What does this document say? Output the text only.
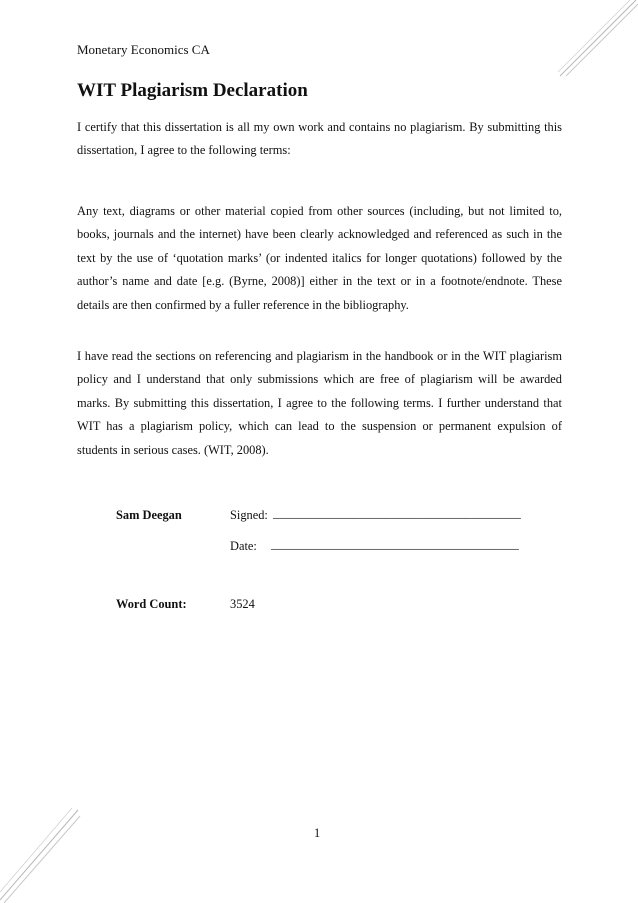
Monetary Economics CA
WIT Plagiarism Declaration

I certify that this dissertation is all my own work and contains no plagiarism. By submitting this dissertation, I agree to the following terms:

Any text, diagrams or other material copied from other sources (including, but not limited to, books, journals and the internet) have been clearly acknowledged and referenced as such in the text by the use of ‘quotation marks’ (or indented italics for longer quotations) followed by the author’s name and date [e.g. (Byrne, 2008)] either in the text or in a footnote/endnote. These details are then confirmed by a fuller reference in the bibliography.

I have read the sections on referencing and plagiarism in the handbook or in the WIT plagiarism policy and I understand that only submissions which are free of plagiarism will be awarded marks. By submitting this dissertation, I agree to the following terms. I further understand that WIT has a plagiarism policy, which can lead to the suspension or permanent expulsion of students in serious cases. (WIT, 2008).

Sam Deegan	Signed: ________________________________________
Date: ________________________________________
Word Count:	3524
1
